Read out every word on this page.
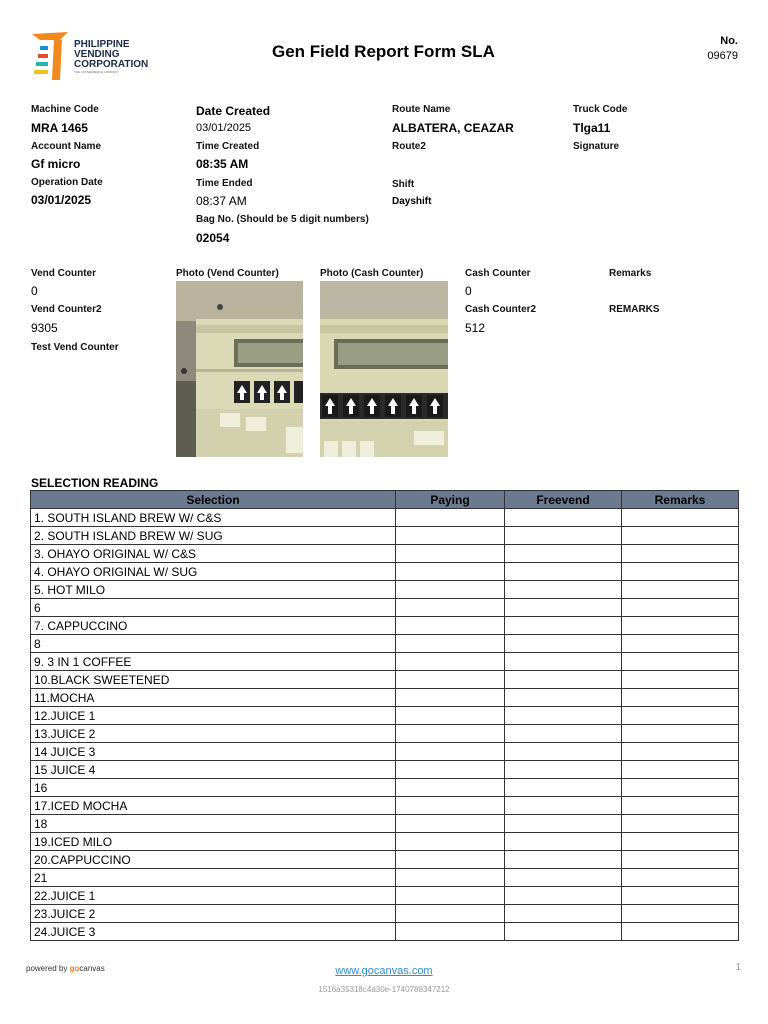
PHILIPPINE
VENDING
CORPORATION
THE CONVENIENCE COMPANY
Gen Field Report Form SLA
No.
09679
Machine Code
MRA 1465
Account Name
Gf micro
Operation Date
03/01/2025
Date Created
03/01/2025
Time Created
08:35 AM
Time Ended
08:37 AM
Bag No. (Should be 5 digit numbers)
02054
Route Name
ALBATERA, CEAZAR
Route2
Shift
Dayshift
Truck Code
Tlga11
Signature
Vend Counter
0
Vend Counter2
9305
Test Vend Counter
Photo (Vend Counter)	Photo (Cash Counter)	Cash Counter
0
Cash Counter2
512
Remarks
REMARKS
SELECTION READING
Selection	Paying	Freevend	Remarks
1. SOUTH ISLAND BREW W/ C&S			
2. SOUTH ISLAND BREW W/ SUG			
3. OHAYO ORIGINAL W/ C&S			
4. OHAYO ORIGINAL W/ SUG			
5. HOT MILO			
6			
7. CAPPUCCINO			
8			
9. 3 IN 1 COFFEE			
10.BLACK SWEETENED			
11.MOCHA			
12.JUICE 1			
13.JUICE 2			
14 JUICE 3			
15 JUICE 4			
16			
17.ICED MOCHA			
18			
19.ICED MILO			
20.CAPPUCCINO			
21			
22.JUICE 1			
23.JUICE 2			
24.JUICE 3			
powered by gocanvas	www.gocanvas.com	1
1516a35318c4a30e-1740789347212
